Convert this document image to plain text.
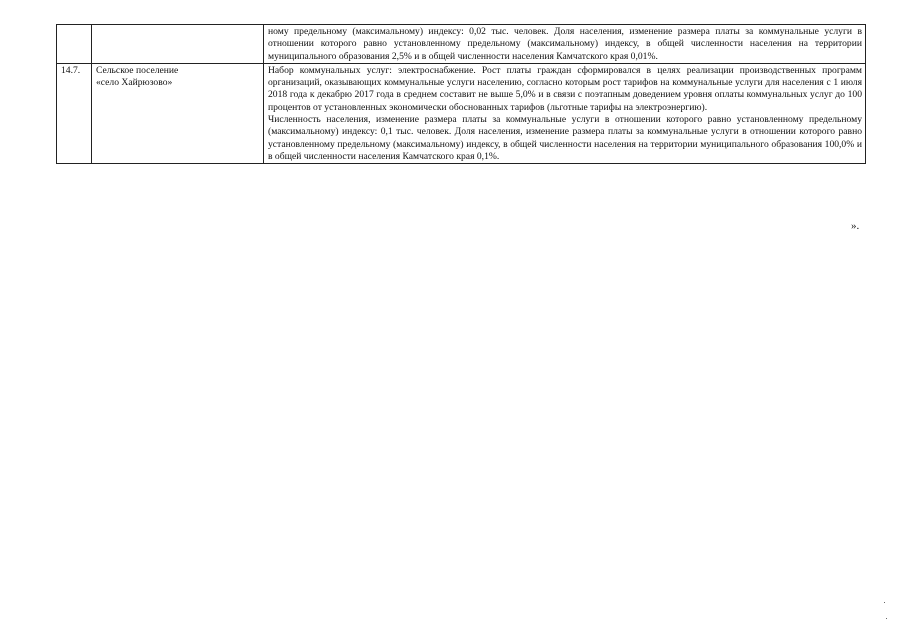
		ному предельному (максимальному) индексу: 0,02 тыс. человек. Доля населения, изменение размера платы за коммунальные услуги в отношении которого равно установленному предельному (максимальному) индексу, в общей численности населения на территории муниципального образования 2,5% и в общей численности населения Камчатского края 0,01%.

14.7.	Сельское поселение
«село Хайрюзово»	Набор коммунальных услуг: электроснабжение. Рост платы граждан сформировался в целях реализации производственных программ организаций, оказывающих коммунальные услуги населению, согласно которым рост тарифов на коммунальные услуги для населения с 1 июля 2018 года к декабрю 2017 года в среднем составит не выше 5,0% и в связи с поэтапным доведением уровня оплаты коммунальных услуг до 100 процентов от установленных экономически обоснованных тарифов (льготные тарифы на электроэнергию).
Численность населения, изменение размера платы за коммунальные услуги в отношении которого равно установленному предельному (максимальному) индексу: 0,1 тыс. человек. Доля населения, изменение размера платы за коммунальные услуги в отношении которого равно установленному предельному (максимальному) индексу, в общей численности населения на территории муниципального образования 100,0% и в общей численности населения Камчатского края 0,1%.
».
